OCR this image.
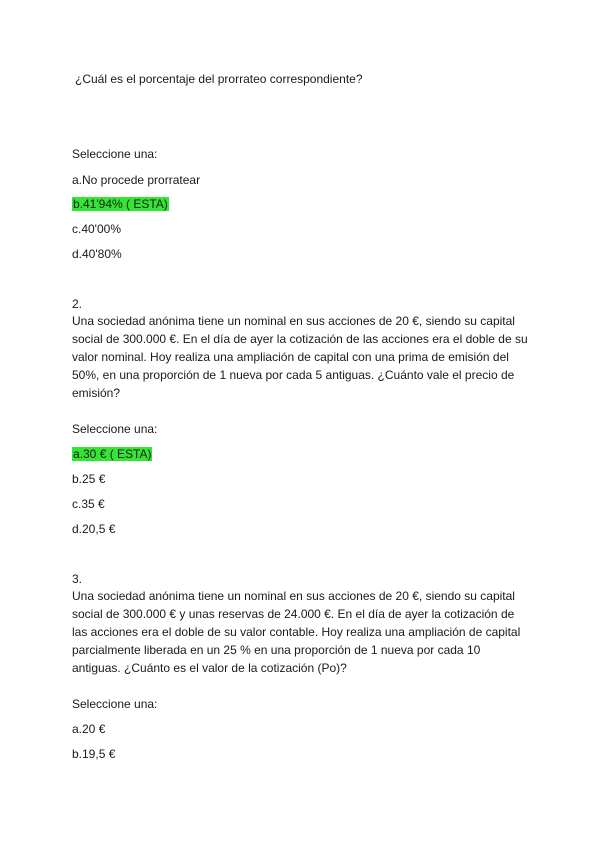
¿Cuál es el porcentaje del prorrateo correspondiente?
Seleccione una:
a.No procede prorratear
b.41'94% ( ESTA)
c.40'00%
d.40'80%
2.
Una sociedad anónima tiene un nominal en sus acciones de 20 €, siendo su capital social de 300.000 €. En el día de ayer la cotización de las acciones era el doble de su valor nominal. Hoy realiza una ampliación de capital con una prima de emisión del 50%, en una proporción de 1 nueva por cada 5 antiguas. ¿Cuánto vale el precio de emisión?
Seleccione una:
a.30 € ( ESTA)
b.25 €
c.35 €
d.20,5 €
3.
Una sociedad anónima tiene un nominal en sus acciones de 20 €, siendo su capital social de 300.000 € y unas reservas de 24.000 €. En el día de ayer la cotización de las acciones era el doble de su valor contable. Hoy realiza una ampliación de capital parcialmente liberada en un 25 % en una proporción de 1 nueva por cada 10 antiguas. ¿Cuánto es el valor de la cotización (Po)?
Seleccione una:
a.20 €
b.19,5 €
